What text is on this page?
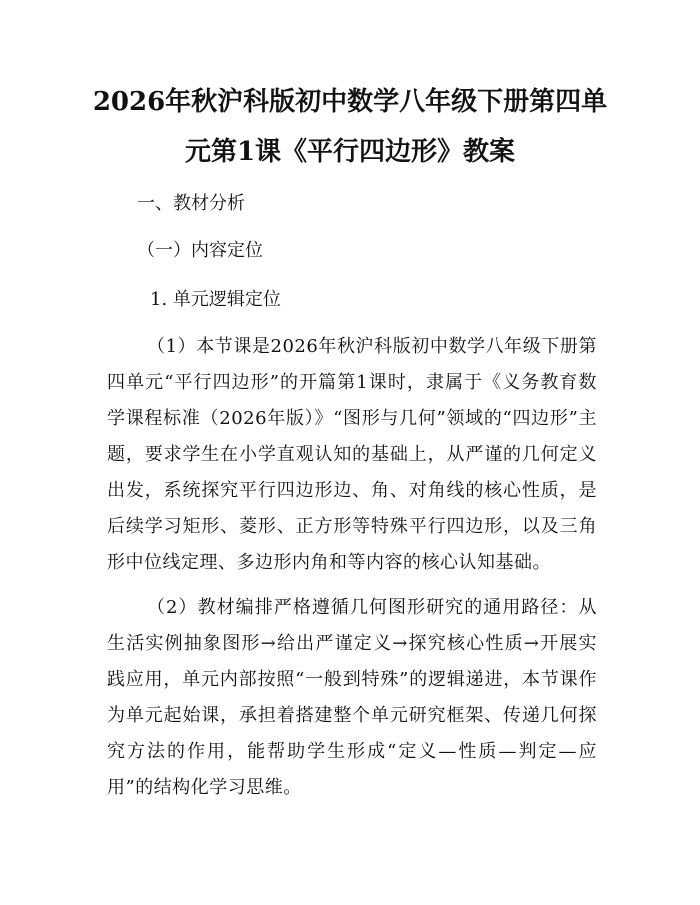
2026年秋沪科版初中数学八年级下册第四单
元第1课《平行四边形》教案
一、教材分析
（一）内容定位
1. 单元逻辑定位

（1）本节课是2026年秋沪科版初中数学八年级下册第四单元“平行四边形”的开篇第1课时，隶属于《义务教育数学课程标准（2026年版）》“图形与几何”领域的“四边形”主题，要求学生在小学直观认知的基础上，从严谨的几何定义出发，系统探究平行四边形边、角、对角线的核心性质，是后续学习矩形、菱形、正方形等特殊平行四边形，以及三角形中位线定理、多边形内角和等内容的核心认知基础。

（2）教材编排严格遵循几何图形研究的通用路径：从生活实例抽象图形→给出严谨定义→探究核心性质→开展实践应用，单元内部按照“一般到特殊”的逻辑递进，本节课作为单元起始课，承担着搭建整个单元研究框架、传递几何探究方法的作用，能帮助学生形成“定义—性质—判定—应用”的结构化学习思维。
